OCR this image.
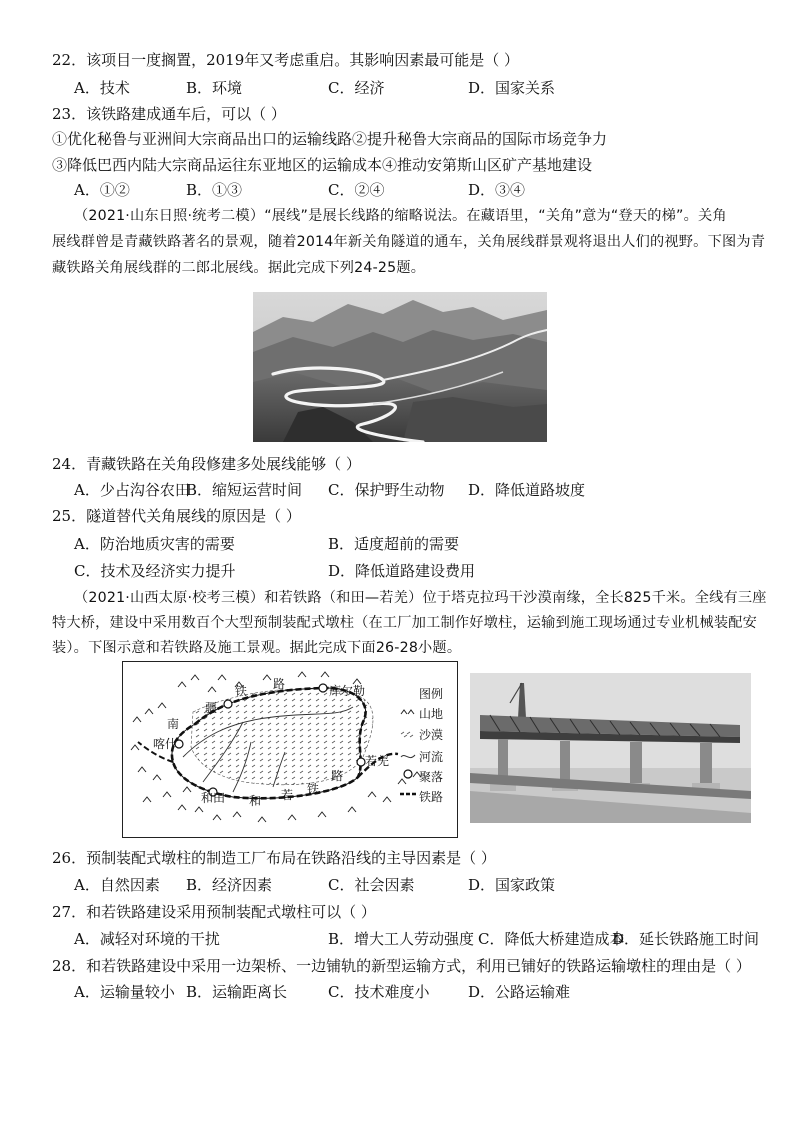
22．该项目一度搁置，2019年又考虑重启。其影响因素最可能是（ ）
A．技术	B．环境	C．经济	D．国家关系
23．该铁路建成通车后，可以（ ）
①优化秘鲁与亚洲间大宗商品出口的运输线路②提升秘鲁大宗商品的国际市场竞争力
③降低巴西内陆大宗商品运往东亚地区的运输成本④推动安第斯山区矿产基地建设
A．①②	B．①③	C．②④	D．③④
（2021·山东日照·统考二模）“展线”是展长线路的缩略说法。在藏语里，“关角”意为“登天的梯”。关角
展线群曾是青藏铁路著名的景观，随着2014年新关角隧道的通车，关角展线群景观将退出人们的视野。下图为青
藏铁路关角展线群的二郎北展线。据此完成下列24-25题。
24．青藏铁路在关角段修建多处展线能够（ ）
A．少占沟谷农田
B．缩短运营时间 C．保护野生动物 D．降低道路坡度
25．隧道替代关角展线的原因是（ ）
A．防治地质灾害的需要	B．适度超前的需要
C．技术及经济实力提升	D．降低道路建设费用
（2021·山西太原·校考三模）和若铁路（和田—若羌）位于塔克拉玛干沙漠南缘，全长825千米。全线有三座
特大桥，建设中采用数百个大型预制装配式墩柱（在工厂加工制作好墩柱，运输到施工现场通过专业机械装配安
装）。下图示意和若铁路及施工景观。据此完成下面26-28小题。
南
疆
铁 路	库尔勒
喀什
和田 和 若 铁
路
若羌
图例
山地
沙漠
河流
聚落
铁路
26．预制装配式墩柱的制造工厂布局在铁路沿线的主导因素是（ ）
A．自然因素 B．经济因素	C．社会因素	D．国家政策
27．和若铁路建设采用预制装配式墩柱可以（ ）
A．减轻对环境的干扰	B．增大工人劳动强度 C．降低大桥建造成本
D．延长铁路施工时间
28．和若铁路建设中采用一边架桥、一边铺轨的新型运输方式，利用已铺好的铁路运输墩柱的理由是（ ）
A．运输量较小 B．运输距离长	C．技术难度小	D．公路运输难
